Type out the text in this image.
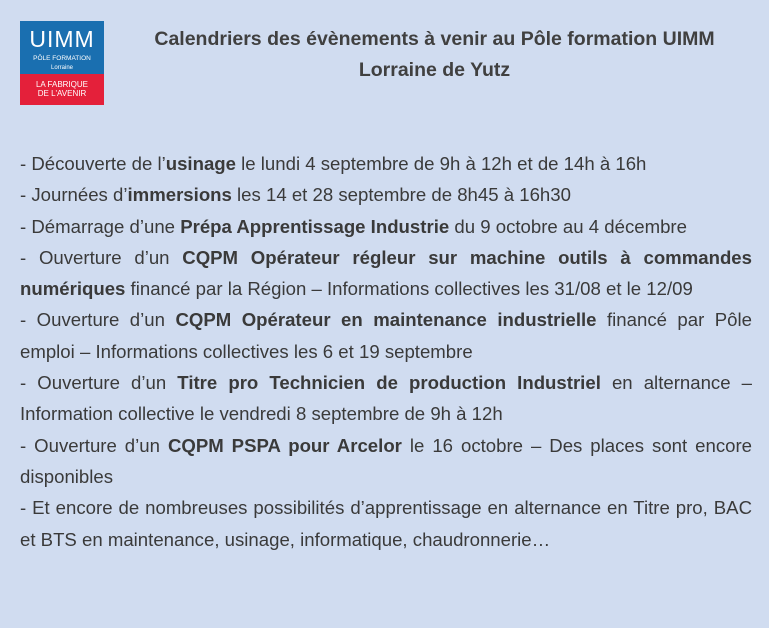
UIMM
PÔLE FORMATION
Lorraine
LA FABRIQUE
DE L'AVENIR
Calendriers des évènements à venir au Pôle formation UIMM
Lorraine de Yutz
- Découverte de l’usinage le lundi 4 septembre de 9h à 12h et de 14h à 16h
- Journées d’immersions les 14 et 28 septembre de 8h45 à 16h30
- Démarrage d’une Prépa Apprentissage Industrie du 9 octobre au 4 décembre
- Ouverture d’un CQPM Opérateur régleur sur machine outils à commandes numériques financé par la Région – Informations collectives les 31/08 et le 12/09
- Ouverture d’un CQPM Opérateur en maintenance industrielle financé par Pôle emploi – Informations collectives les 6 et 19 septembre
- Ouverture d’un Titre pro Technicien de production Industriel en alternance – Information collective le vendredi 8 septembre de 9h à 12h
- Ouverture d’un CQPM PSPA pour Arcelor le 16 octobre – Des places sont encore disponibles
- Et encore de nombreuses possibilités d’apprentissage en alternance en Titre pro, BAC et BTS en maintenance, usinage, informatique, chaudronnerie…
